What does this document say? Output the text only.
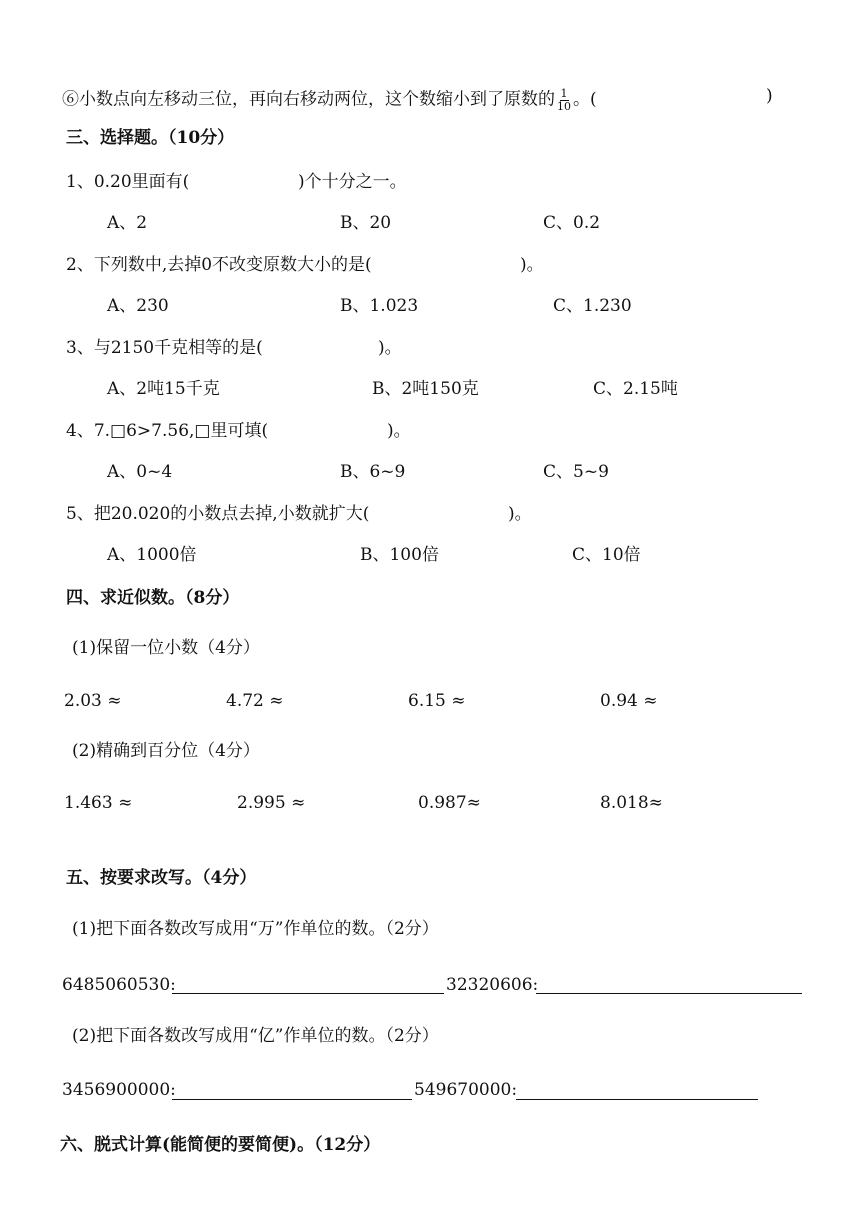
⑥小数点向左移动三位，再向右移动两位，这个数缩小到了原数的 $\frac{1}{10}$ 。(	)
三、选择题。（10分）
1、0.20里面有(	)个十分之一。
A、2	B、20	C、0.2
2、下列数中,去掉0不改变原数大小的是(	)。
A、230	B、1.023	C、1.230
3、与2150千克相等的是(	)。
A、2吨15千克	B、2吨150克	C、2.15吨
4、7.□6>7.56,□里可填(	)。
A、0~4	B、6~9	C、5~9
5、把20.020的小数点去掉,小数就扩大(	)。
A、1000倍	B、100倍	C、10倍
四、求近似数。（8分）
(1)保留一位小数（4分）
2.03 ≈	4.72 ≈	6.15 ≈	0.94 ≈
(2)精确到百分位（4分）
1.463 ≈	2.995 ≈	0.987≈	8.018≈
五、按要求改写。（4分）
(1)把下面各数改写成用“万”作单位的数。（2分）
6485060530:	32320606:
(2)把下面各数改写成用“亿”作单位的数。（2分）
3456900000:	549670000:
六、脱式计算(能简便的要简便)。（12分）
